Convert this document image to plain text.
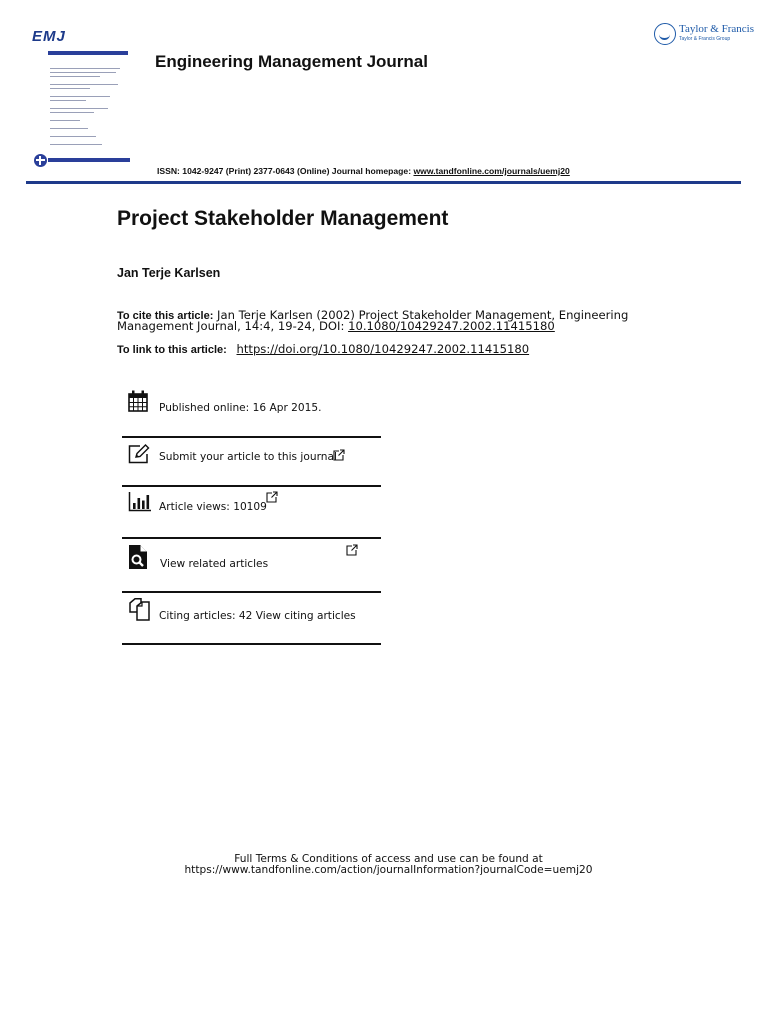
EMJ
Engineering Management Journal
Taylor & Francis
Taylor & Francis Group
ISSN: 1042-9247 (Print) 2377-0643 (Online) Journal homepage: www.tandfonline.com/journals/uemj20
Project Stakeholder Management
Jan Terje Karlsen
To cite this article: Jan Terje Karlsen (2002) Project Stakeholder Management, Engineering Management Journal, 14:4, 19-24, DOI: 10.1080/10429247.2002.11415180
To link to this article: https://doi.org/10.1080/10429247.2002.11415180
Published online: 16 Apr 2015.
Submit your article to this journal
Article views: 10109
View related articles
Citing articles: 42 View citing articles
Full Terms & Conditions of access and use can be found at
https://www.tandfonline.com/action/journalInformation?journalCode=uemj20
